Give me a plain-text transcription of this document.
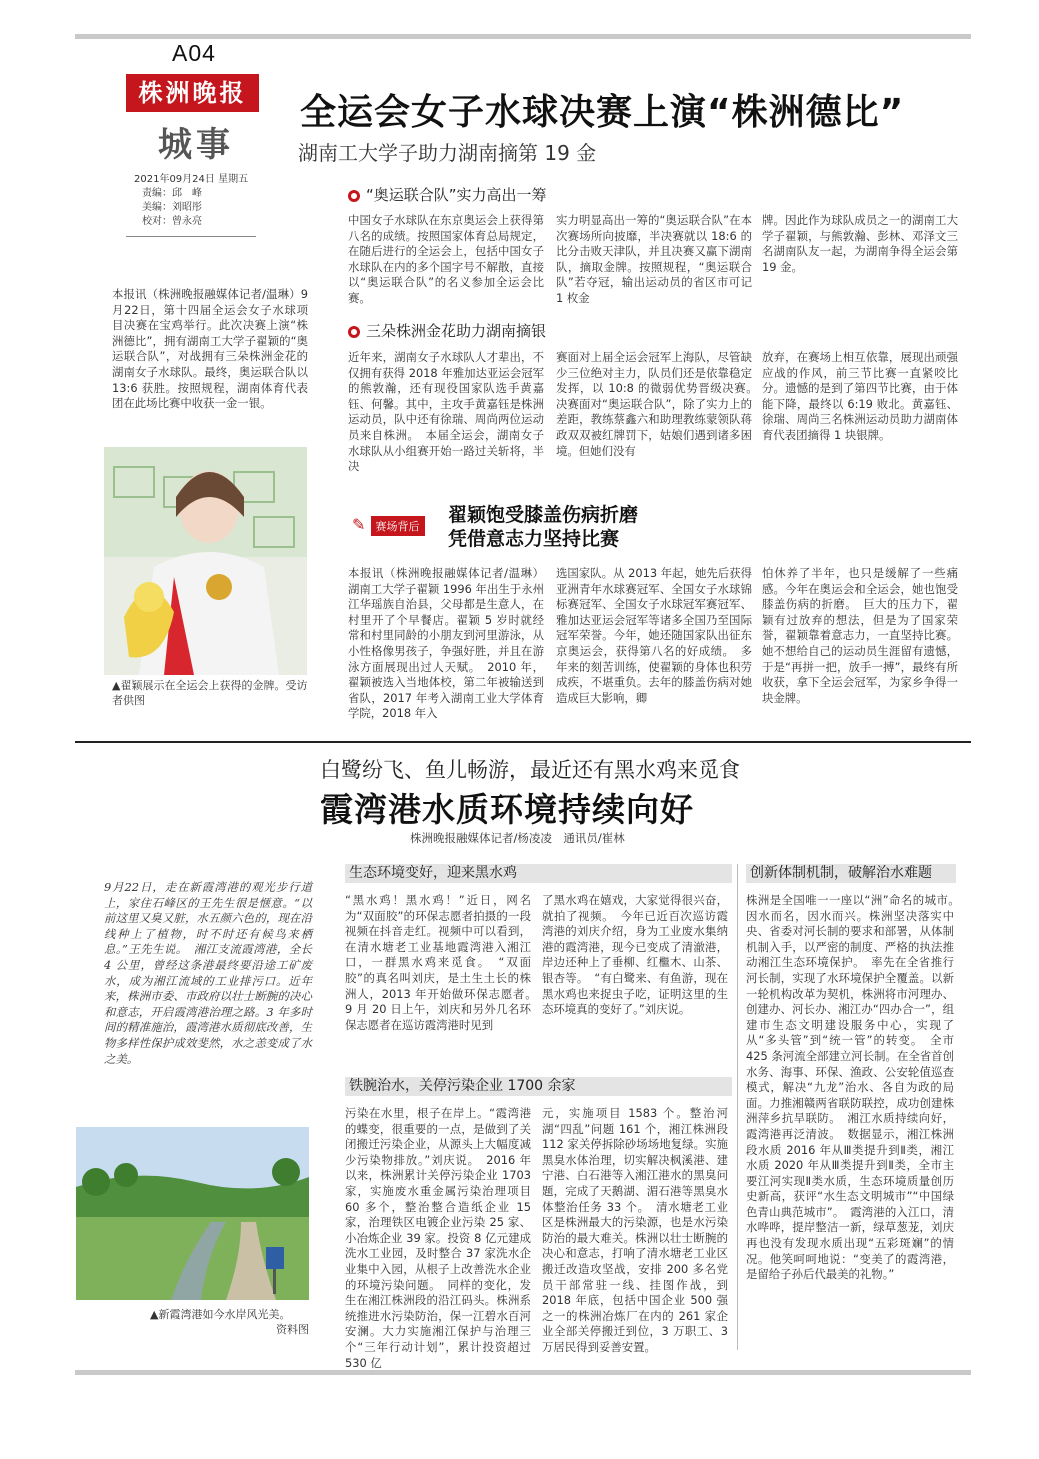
A04
株洲晚报
城事
2021年09月24日 星期五
责编：邱　峰
美编：刘昭彤
校对：曾永亮
全运会女子水球决赛上演“株洲德比”
湖南工大学子助力湖南摘第 19 金
本报讯（株洲晚报融媒体记者/温琳）9月22日，第十四届全运会女子水球项目决赛在宝鸡举行。此次决赛上演“株洲德比”，拥有湖南工大学子翟颖的“奥运联合队”，对战拥有三朵株洲金花的湖南女子水球队。最终，奥运联合队以 13:6 获胜。按照规程，湖南体育代表团在此场比赛中收获一金一银。
▲翟颖展示在全运会上获得的金牌。受访者供图
“奥运联合队”实力高出一筹
中国女子水球队在东京奥运会上获得第八名的成绩。按照国家体育总局规定，在随后进行的全运会上，包括中国女子水球队在内的多个国字号不解散，直接以“奥运联合队”的名义参加全运会比赛。
实力明显高出一筹的“奥运联合队”在本次赛场所向披靡，半决赛就以 18:6 的比分击败天津队，并且决赛又赢下湖南队，摘取金牌。按照规程，“奥运联合队”若夺冠，输出运动员的省区市可记 1 枚金
牌。因此作为球队成员之一的湖南工大学子翟颖，与熊敦瀚、彭林、邓泽文三名湖南队友一起，为湖南争得全运会第 19 金。
三朵株洲金花助力湖南摘银
近年来，湖南女子水球队人才辈出，不仅拥有获得 2018 年雅加达亚运会冠军的熊敦瀚，还有现役国家队选手黄嘉钰、何馨。其中，主攻手黄嘉钰是株洲运动员，队中还有徐瑞、周尚两位运动员来自株洲。　本届全运会，湖南女子水球队从小组赛开始一路过关斩将，半决
赛面对上届全运会冠军上海队，尽管缺少三位绝对主力，队员们还是依靠稳定发挥，以 10:8 的微弱优势晋级决赛。　决赛面对“奥运联合队”，除了实力上的差距，教练蔡鑫六和助理教练蒙领队蒋政双双被红牌罚下，姑娘们遇到诸多困境。但她们没有
放弃，在赛场上相互依靠，展现出顽强应战的作风，前三节比赛一直紧咬比分。遗憾的是到了第四节比赛，由于体能下降，最终以 6:19 败北。黄嘉钰、徐瑞、周尚三名株洲运动员助力湖南体育代表团摘得 1 块银牌。
✎ 赛场背后
翟颖饱受膝盖伤病折磨
凭借意志力坚持比赛
本报讯（株洲晚报融媒体记者/温琳）湖南工大学子翟颖 1996 年出生于永州江华瑶族自治县，父母都是生意人，在村里开了个早餐店。翟颖 5 岁时就经常和村里同龄的小朋友到河里游泳，从小性格像男孩子，争强好胜，并且在游泳方面展现出过人天赋。　2010 年，翟颖被选入当地体校，第二年被输送到省队，2017 年考入湖南工业大学体育学院，2018 年入
选国家队。从 2013 年起，她先后获得亚洲青年水球赛冠军、全国女子水球锦标赛冠军、全国女子水球冠军赛冠军、雅加达亚运会冠军等诸多全国乃至国际冠军荣誉。今年，她还随国家队出征东京奥运会，获得第八名的好成绩。　多年来的刻苦训练，使翟颖的身体也积劳成疾，不堪重负。去年的膝盖伤病对她造成巨大影响，卿
怕休养了半年，也只是缓解了一些痛感。今年在奥运会和全运会，她也饱受膝盖伤病的折磨。　巨大的压力下，翟颖有过放弃的想法，但是为了国家荣誉，翟颖靠着意志力，一直坚持比赛。她不想给自己的运动员生涯留有遗憾，于是“再拼一把，放手一搏”，最终有所收获，拿下全运会冠军，为家乡争得一块金牌。
白鹭纷飞、鱼儿畅游，最近还有黑水鸡来觅食
霞湾港水质环境持续向好
株洲晚报融媒体记者/杨凌凌　通讯员/崔林
9月22日，走在新霞湾港的观光步行道上，家住石峰区的王先生很是惬意。“以前这里又臭又脏，水五颜六色的，现在沿线种上了植物，时不时还有候鸟来栖息。”王先生说。　湘江支流霞湾港，全长 4 公里，曾经这条港最终要沿途工矿废水，成为湘江流域的工业排污口。近年来，株洲市委、市政府以壮士断腕的决心和意志，开启霞湾港治理之路。3 年多时间的精准施治，霞湾港水质彻底改善，生物多样性保护成效斐然，水之恙变成了水之美。
▲新霞湾港如今水岸风光美。
资料图
生态环境变好，迎来黑水鸡
“黑水鸡！黑水鸡！”近日，网名为“双面胶”的环保志愿者拍摄的一段视频在抖音走红。视频中可以看到，在清水塘老工业基地霞湾港入湘江口，一群黑水鸡来觅食。　“双面胶”的真名叫刘庆，是土生土长的株洲人，2013 年开始做环保志愿者。　9 月 20 日上午，刘庆和另外几名环保志愿者在巡访霞湾港时见到
了黑水鸡在嬉戏，大家觉得很兴奋，就拍了视频。　今年已近百次巡访霞湾港的刘庆介绍，身为工业废水集纳港的霞湾港，现今已变成了清澈港，岸边还种上了垂柳、红檵木、山茶、银杏等。　“有白鹭来、有鱼游，现在黑水鸡也来捉虫子吃，证明这里的生态环境真的变好了。”刘庆说。
铁腕治水，关停污染企业 1700 余家
污染在水里，根子在岸上。“霞湾港的蝶变，很重要的一点，是做到了关闭搬迁污染企业，从源头上大幅度减少污染物排放。”刘庆说。　2016 年以来，株洲累计关停污染企业 1703 家，实施废水重金属污染治理项目 60 多个，整治整合造纸企业 15 家，治理铁区电镀企业污染 25 家、小冶炼企业 39 家。投资 8 亿元建成洗水工业园，及时整合 37 家洗水企业集中入园，从根子上改善洗水企业的环境污染问题。　同样的变化，发生在湘江株洲段的沿江码头。株洲系统推进水污染防治，保一江碧水百河安澜。大力实施湘江保护与治理三个“三年行动计划”，累计投资超过 530 亿
元，实施项目 1583 个。整治河湖“四乱”问题 161 个，湘江株洲段 112 家关停拆除砂场场地复绿。实施黑臭水体治理，切实解决枫溪港、建宁港、白石港等入湘江港水的黑臭问题，完成了天鹅湖、湄石港等黑臭水体整治任务 33 个。　清水塘老工业区是株洲最大的污染源，也是水污染防治的最大难关。株洲以壮士断腕的决心和意志，打响了清水塘老工业区搬迁改造攻坚战，安排 200 多名党员干部常驻一线、挂图作战，到 2018 年底，包括中国企业 500 强之一的株洲冶炼厂在内的 261 家企业全部关停搬迁到位，3 万职工、3 万居民得到妥善安置。
创新体制机制，破解治水难题
株洲是全国唯一一座以“洲”命名的城市。　因水而名，因水而兴。株洲坚决落实中央、省委对河长制的要求和部署，从体制机制入手，以严密的制度、严格的执法推动湘江生态环境保护。　率先在全省推行河长制，实现了水环境保护全覆盖。以新一轮机构改革为契机，株洲将市河理办、创建办、河长办、湘江办“四办合一”，组建市生态文明建设服务中心，实现了从“多头管”到“统一管”的转变。　全市 425 条河流全部建立河长制。在全省首创水务、海事、环保、渔政、公安轮值巡查模式，解决“九龙”治水、各自为政的局面。力推湘赣两省联防联控，成功创建株洲萍乡抗旱联防。　湘江水质持续向好，霞湾港再泛清波。　数据显示，湘江株洲段水质 2016 年从Ⅲ类提升到Ⅱ类，湘江水质 2020 年从Ⅲ类提升到Ⅱ类，全市主要江河实现Ⅱ类水质，生态环境质量创历史新高，获评“水生态文明城市”“中国绿色青山典范城市”。　霞湾港的入江口，清水哗哗，提岸整洁一新，绿草葱茏，刘庆再也没有发现水质出现“五彩斑斓”的情况。他笑呵呵地说：“变美了的霞湾港，是留给子孙后代最美的礼物。”
